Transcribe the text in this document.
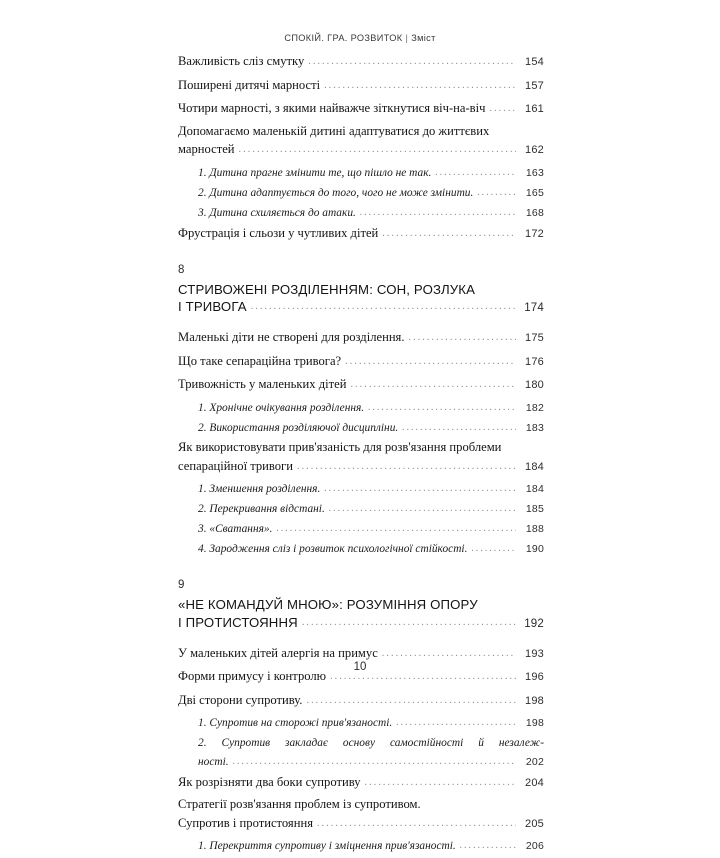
СПОКІЙ. ГРА. РОЗВИТОК | Зміст
Важливість сліз смутку .....	154
Поширені дитячі марності .....	157
Чотири марності, з якими найважче зіткнутися віч-на-віч .....	161
Допомагаємо маленькій дитині адаптуватися до життєвих
марностей .....	162
1. Дитина прагне змінити те, що пішло не так. .....	163
2. Дитина адаптується до того, чого не може змінити. .....	165
3. Дитина схиляється до атаки. .....	168
Фрустрація і сльози у чутливих дітей .....	172
8
СТРИВОЖЕНІ РОЗДІЛЕННЯМ: СОН, РОЗЛУКА
І ТРИВОГА .....	174
Маленькі діти не створені для розділення. .....	175
Що таке сепараційна тривога? .....	176
Тривожність у маленьких дітей .....	180
1. Хронічне очікування розділення. .....	182
2. Використання розділяючої дисципліни. .....	183
Як використовувати прив'язаність для розв'язання проблеми
сепараційної тривоги .....	184
1. Зменшення розділення. .....	184
2. Перекривання відстані. .....	185
3. «Сватання». .....	188
4. Зародження сліз і розвиток психологічної стійкості. .....	190
9
«НЕ КОМАНДУЙ МНОЮ»: РОЗУМІННЯ ОПОРУ
І ПРОТИСТОЯННЯ .....	192
У маленьких дітей алергія на примус .....	193
Форми примусу і контролю .....	196
Дві сторони супротиву. .....	198
1. Супротив на сторожі прив'язаності. .....	198
2. Супротив закладає основу самостійності й незалеж-
ності. .....	202
Як розрізняти два боки супротиву .....	204
Стратегії розв'язання проблем із супротивом.
Супротив і протистояння .....	205
1. Перекриття супротиву і зміцнення прив'язаності. .....	206
10
